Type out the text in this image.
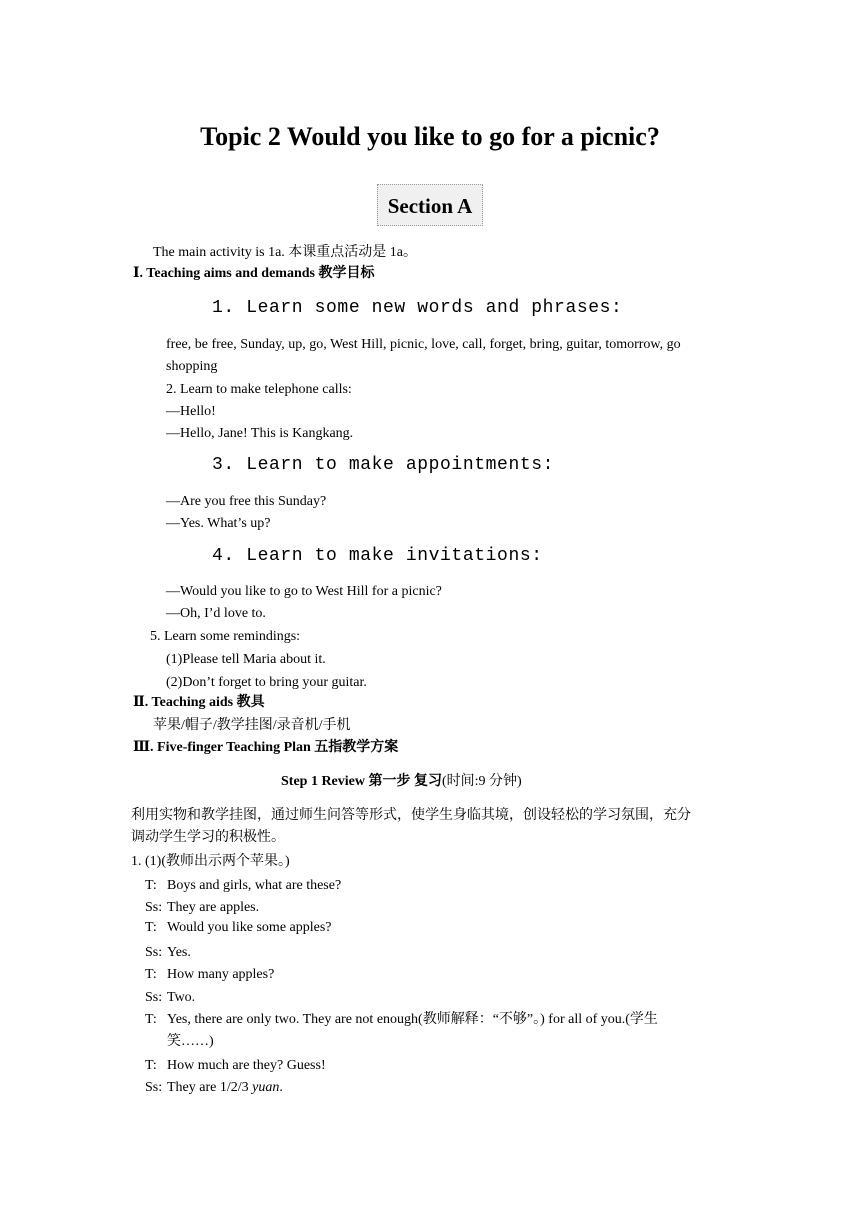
Topic 2 Would you like to go for a picnic?
Section A
The main activity is 1a. 本课重点活动是 1a。
Ⅰ. Teaching aims and demands 教学目标
1. Learn some new words and phrases:
free, be free, Sunday, up, go, West Hill, picnic, love, call, forget, bring, guitar, tomorrow, go
shopping
2. Learn to make telephone calls:
—Hello!
—Hello, Jane! This is Kangkang.
3. Learn to make appointments:
—Are you free this Sunday?
—Yes. What’s up?
4. Learn to make invitations:
—Would you like to go to West Hill for a picnic?
—Oh, I’d love to.
5. Learn some remindings:
(1)Please tell Maria about it.
(2)Don’t forget to bring your guitar.
Ⅱ. Teaching aids 教具
苹果/帽子/教学挂图/录音机/手机
Ⅲ. Five-finger Teaching Plan 五指教学方案
Step 1 Review 第一步 复习(时间:9 分钟)
利用实物和教学挂图，通过师生问答等形式，使学生身临其境，创设轻松的学习氛围，充分
调动学生学习的积极性。
1. (1)(教师出示两个苹果。)
T: Boys and girls, what are these?
Ss: They are apples.
T: Would you like some apples?
Ss: Yes.
T: How many apples?
Ss: Two.
T: Yes, there are only two. They are not enough(教师解释：“不够”。) for all of you.(学生
笑……)
T: How much are they? Guess!
Ss: They are 1/2/3 yuan.
